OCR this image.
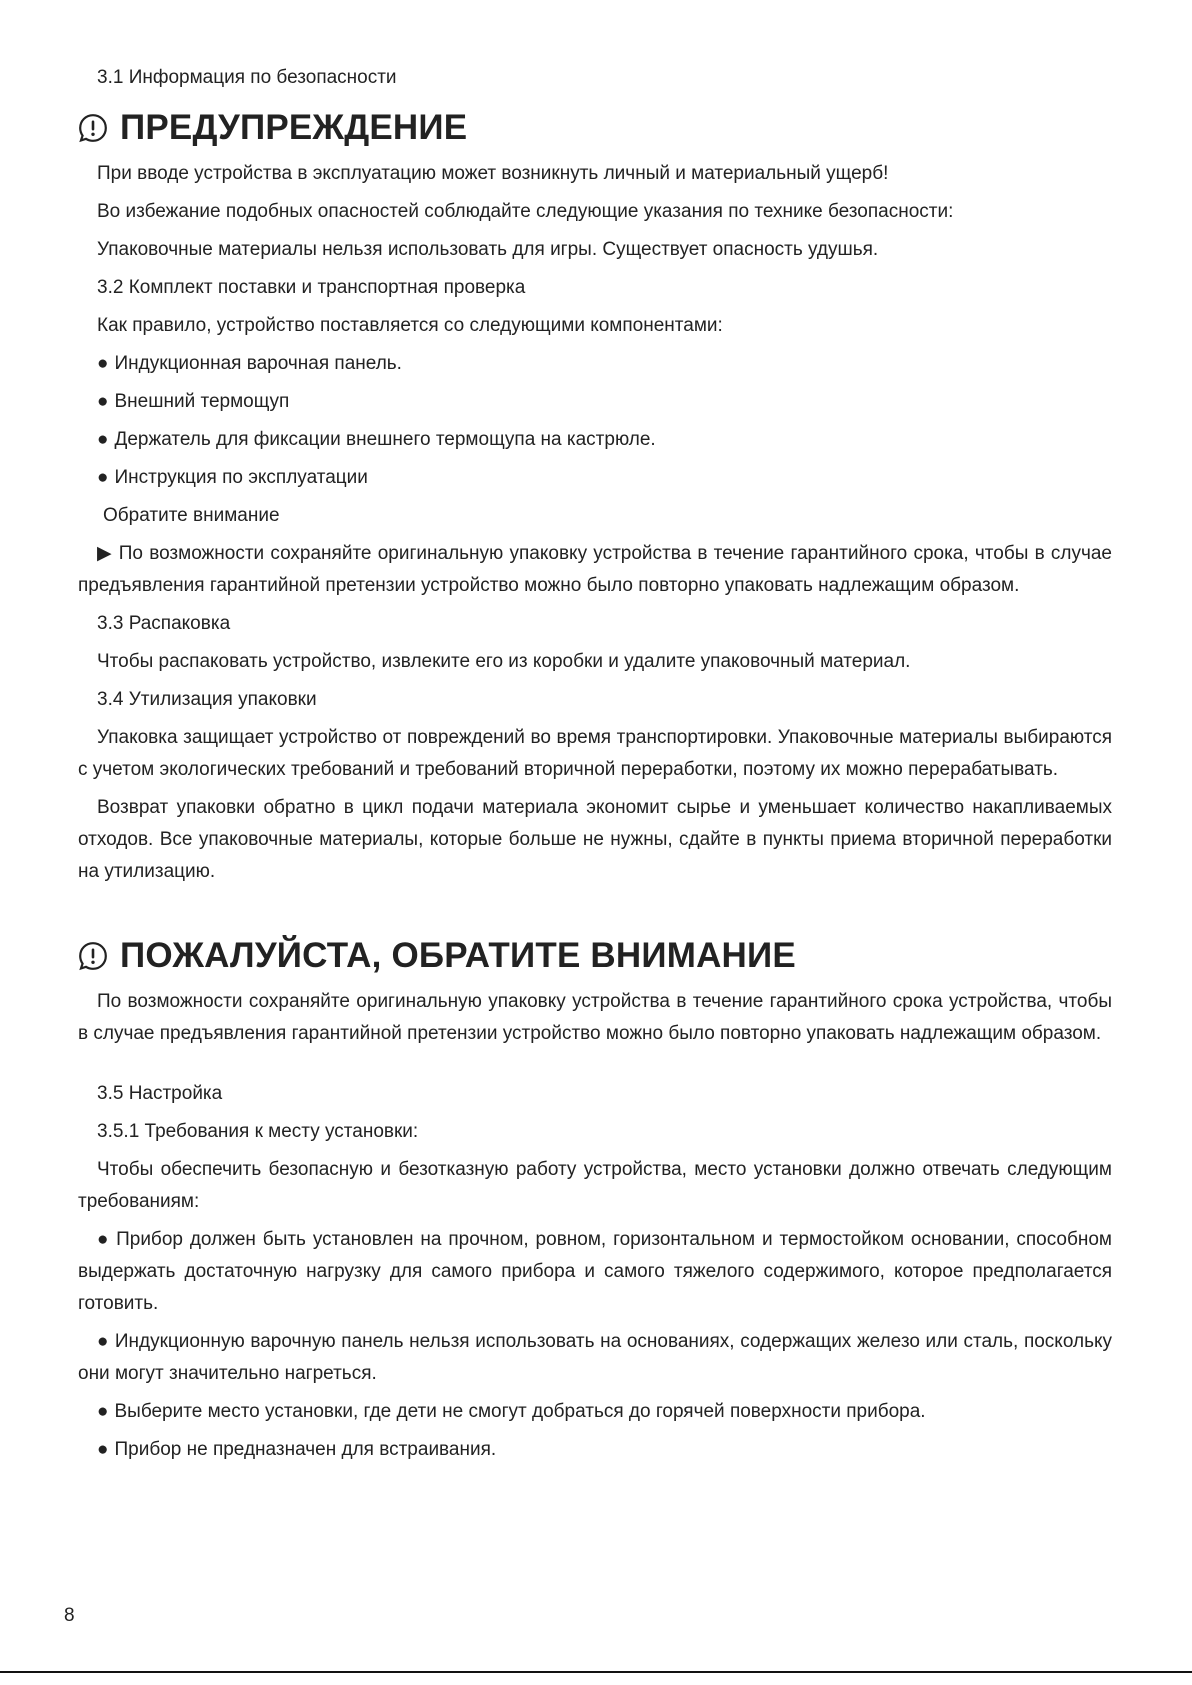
3.1 Информация по безопасности
ПРЕДУПРЕЖДЕНИЕ
При вводе устройства в эксплуатацию может возникнуть личный и материальный ущерб!
Во избежание подобных опасностей соблюдайте следующие указания по технике безопасности:
Упаковочные материалы нельзя использовать для игры. Существует опасность удушья.
3.2 Комплект поставки и транспортная проверка
Как правило, устройство поставляется со следующими компонентами:
● Индукционная варочная панель.
● Внешний термощуп
● Держатель для фиксации внешнего термощупа на кастрюле.
● Инструкция по эксплуатации
Обратите внимание
▶ По возможности сохраняйте оригинальную упаковку устройства в течение гарантийного срока, чтобы в случае предъявления гарантийной претензии устройство можно было повторно упаковать надлежащим образом.
3.3 Распаковка
Чтобы распаковать устройство, извлеките его из коробки и удалите упаковочный материал.
3.4 Утилизация упаковки
Упаковка защищает устройство от повреждений во время транспортировки. Упаковочные материалы выбираются с учетом экологических требований и требований вторичной переработки, поэтому их можно перерабатывать.
Возврат упаковки обратно в цикл подачи материала экономит сырье и уменьшает количество накапливаемых отходов. Все упаковочные материалы, которые больше не нужны, сдайте в пункты приема вторичной переработки на утилизацию.
ПОЖАЛУЙСТА, ОБРАТИТЕ ВНИМАНИЕ
По возможности сохраняйте оригинальную упаковку устройства в течение гарантийного срока устройства, чтобы в случае предъявления гарантийной претензии устройство можно было повторно упаковать надлежащим образом.
3.5 Настройка
3.5.1 Требования к месту установки:
Чтобы обеспечить безопасную и безотказную работу устройства, место установки должно отвечать следующим требованиям:
● Прибор должен быть установлен на прочном, ровном, горизонтальном и термостойком основании, способном выдержать достаточную нагрузку для самого прибора и самого тяжелого содержимого, которое предполагается готовить.
● Индукционную варочную панель нельзя использовать на основаниях, содержащих железо или сталь, поскольку они могут значительно нагреться.
● Выберите место установки, где дети не смогут добраться до горячей поверхности прибора.
● Прибор не предназначен для встраивания.
8
